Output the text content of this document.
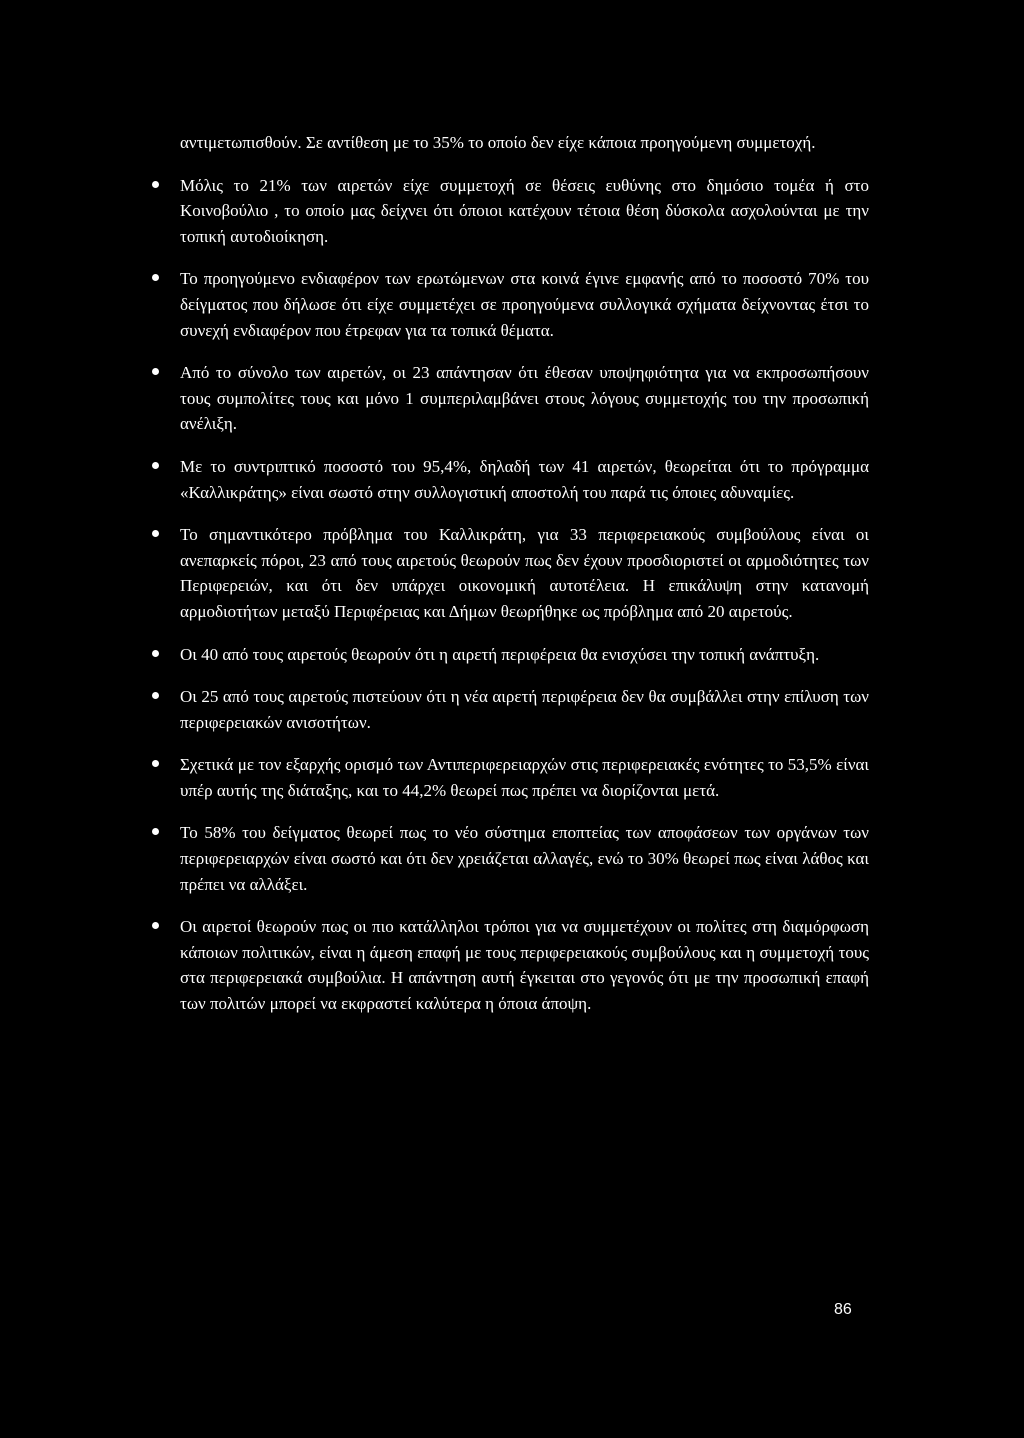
αντιμετωπισθούν. Σε αντίθεση με το 35% το οποίο δεν είχε κάποια προηγούμενη συμμετοχή.

Μόλις το 21% των αιρετών είχε συμμετοχή σε θέσεις ευθύνης στο δημόσιο τομέα ή στο Κοινοβούλιο , το οποίο μας δείχνει ότι όποιοι κατέχουν τέτοια θέση δύσκολα ασχολούνται με την τοπική αυτοδιοίκηση.
Το προηγούμενο ενδιαφέρον των ερωτώμενων στα κοινά έγινε εμφανής από το ποσοστό 70% του δείγματος που δήλωσε ότι είχε συμμετέχει σε προηγούμενα συλλογικά σχήματα δείχνοντας έτσι το συνεχή ενδιαφέρον που έτρεφαν για τα τοπικά θέματα.
Από το σύνολο των αιρετών, οι 23 απάντησαν ότι έθεσαν υποψηφιότητα για να εκπροσωπήσουν τους συμπολίτες τους και μόνο 1 συμπεριλαμβάνει στους λόγους συμμετοχής του την προσωπική ανέλιξη.
Με το συντριπτικό ποσοστό του 95,4%, δηλαδή των 41 αιρετών, θεωρείται ότι το πρόγραμμα «Καλλικράτης» είναι σωστό στην συλλογιστική αποστολή του παρά τις όποιες αδυναμίες.
Το σημαντικότερο πρόβλημα του Καλλικράτη, για 33 περιφερειακούς συμβούλους είναι οι ανεπαρκείς πόροι, 23 από τους αιρετούς θεωρούν πως δεν έχουν προσδιοριστεί οι αρμοδιότητες των Περιφερειών, και ότι δεν υπάρχει οικονομική αυτοτέλεια. Η επικάλυψη στην κατανομή αρμοδιοτήτων μεταξύ Περιφέρειας και Δήμων θεωρήθηκε ως πρόβλημα από 20 αιρετούς.
Οι 40 από τους αιρετούς θεωρούν ότι η αιρετή περιφέρεια θα ενισχύσει την τοπική ανάπτυξη.
Οι 25 από τους αιρετούς πιστεύουν ότι η νέα αιρετή περιφέρεια δεν θα συμβάλλει στην επίλυση των περιφερειακών ανισοτήτων.
Σχετικά με τον εξαρχής ορισμό των Αντιπεριφερειαρχών στις περιφερειακές ενότητες το 53,5% είναι υπέρ αυτής της διάταξης, και το 44,2% θεωρεί πως πρέπει να διορίζονται μετά.
Το 58% του δείγματος θεωρεί πως το νέο σύστημα εποπτείας των αποφάσεων των οργάνων των περιφερειαρχών είναι σωστό και ότι δεν χρειάζεται αλλαγές, ενώ το 30% θεωρεί πως είναι λάθος και πρέπει να αλλάξει.
Οι αιρετοί θεωρούν πως οι πιο κατάλληλοι τρόποι για να συμμετέχουν οι πολίτες στη διαμόρφωση κάποιων πολιτικών, είναι η άμεση επαφή με τους περιφερειακούς συμβούλους και η συμμετοχή τους στα περιφερειακά συμβούλια. Η απάντηση αυτή έγκειται στο γεγονός ότι με την προσωπική επαφή των πολιτών μπορεί να εκφραστεί καλύτερα η όποια άποψη.
86
